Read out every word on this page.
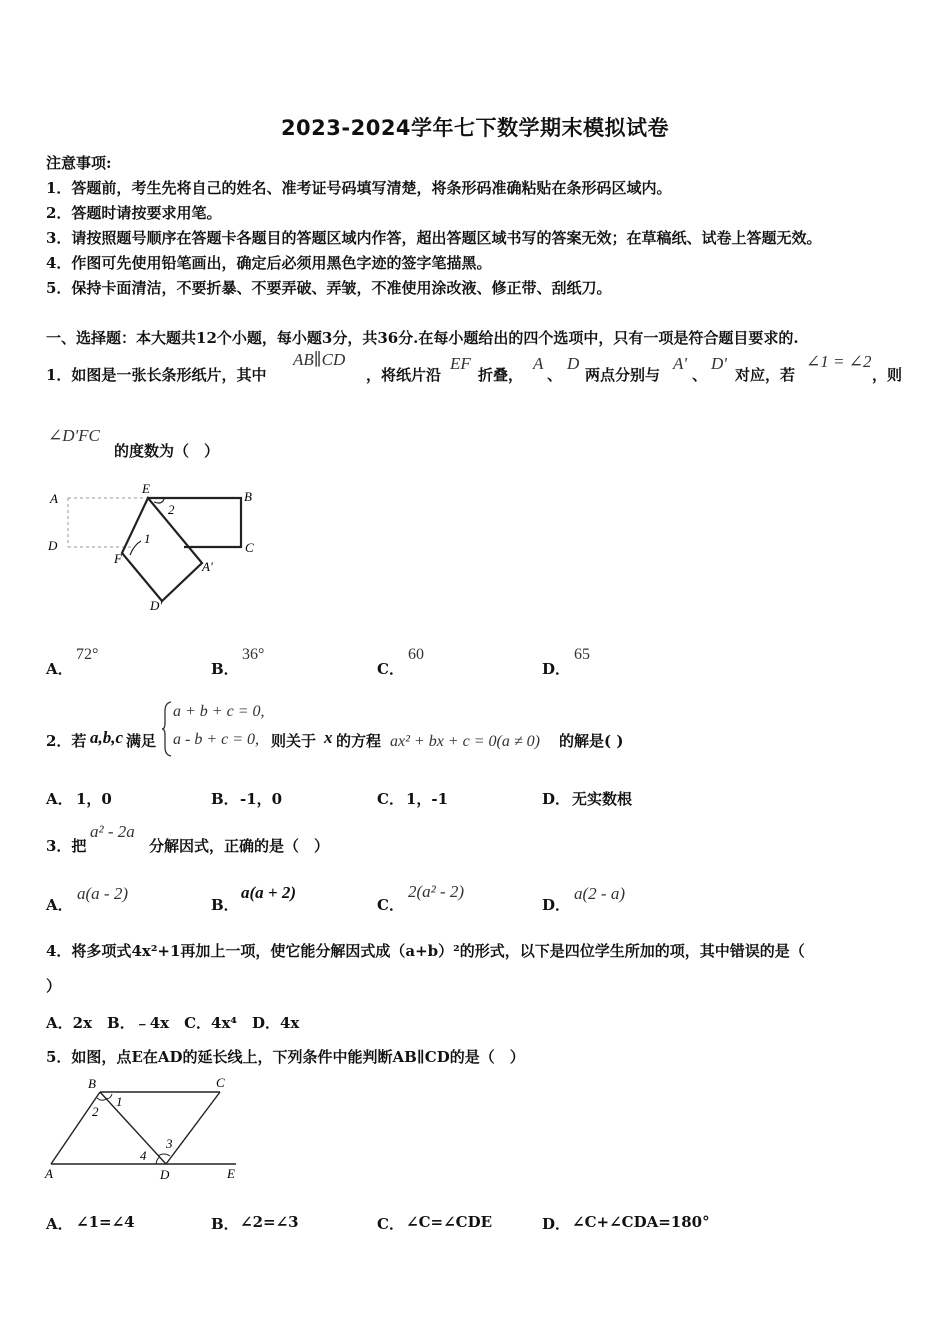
2023-2024学年七下数学期末模拟试卷
注意事项:
1．答题前，考生先将自己的姓名、准考证号码填写清楚，将条形码准确粘贴在条形码区域内。
2．答题时请按要求用笔。
3．请按照题号顺序在答题卡各题目的答题区域内作答，超出答题区域书写的答案无效；在草稿纸、试卷上答题无效。
4．作图可先使用铅笔画出，确定后必须用黑色字迹的签字笔描黑。
5．保持卡面清洁，不要折暴、不要弄破、弄皱，不准使用涂改液、修正带、刮纸刀。
一、选择题：本大题共12个小题，每小题3分，共36分.在每小题给出的四个选项中，只有一项是符合题目要求的.
1．如图是一张长条形纸片，其中
AB∥CD
，将纸片沿
EF
折叠，
A
、
D
两点分别与
A'
、
D'
对应，若
∠1 = ∠2
，则
∠D'FC
的度数为（　）
A
E
B
D	C
F
A'
D'
1
2
A．
72°
B．
36°
C．
60
D．
65
2．若 a,b,c 满足
a + b + c = 0,
a - b + c = 0, 则关于 x 的方程 ax² + bx + c = 0(a ≠ 0) 的解是( )
A． 1，0	B． -1，0	C． 1，-1	D． 无实数根
3．把
a² - 2a
分解因式，正确的是（　）
A．
a(a - 2)
B．
a(a + 2)
C．
2(a² - 2)
D．
a(2 - a)
4．将多项式4x²+1再加上一项，使它能分解因式成（a+b）²的形式，以下是四位学生所加的项，其中错误的是（
）
A．2x　B．﹣4x　C．4x⁴　D．4x
5．如图，点E在AD的延长线上，下列条件中能判断AB∥CD的是（　）
B	C
A	D	E
1
2
3
4
A． ∠1=∠4	B． ∠2=∠3	C． ∠C=∠CDE	D． ∠C+∠CDA=180°
